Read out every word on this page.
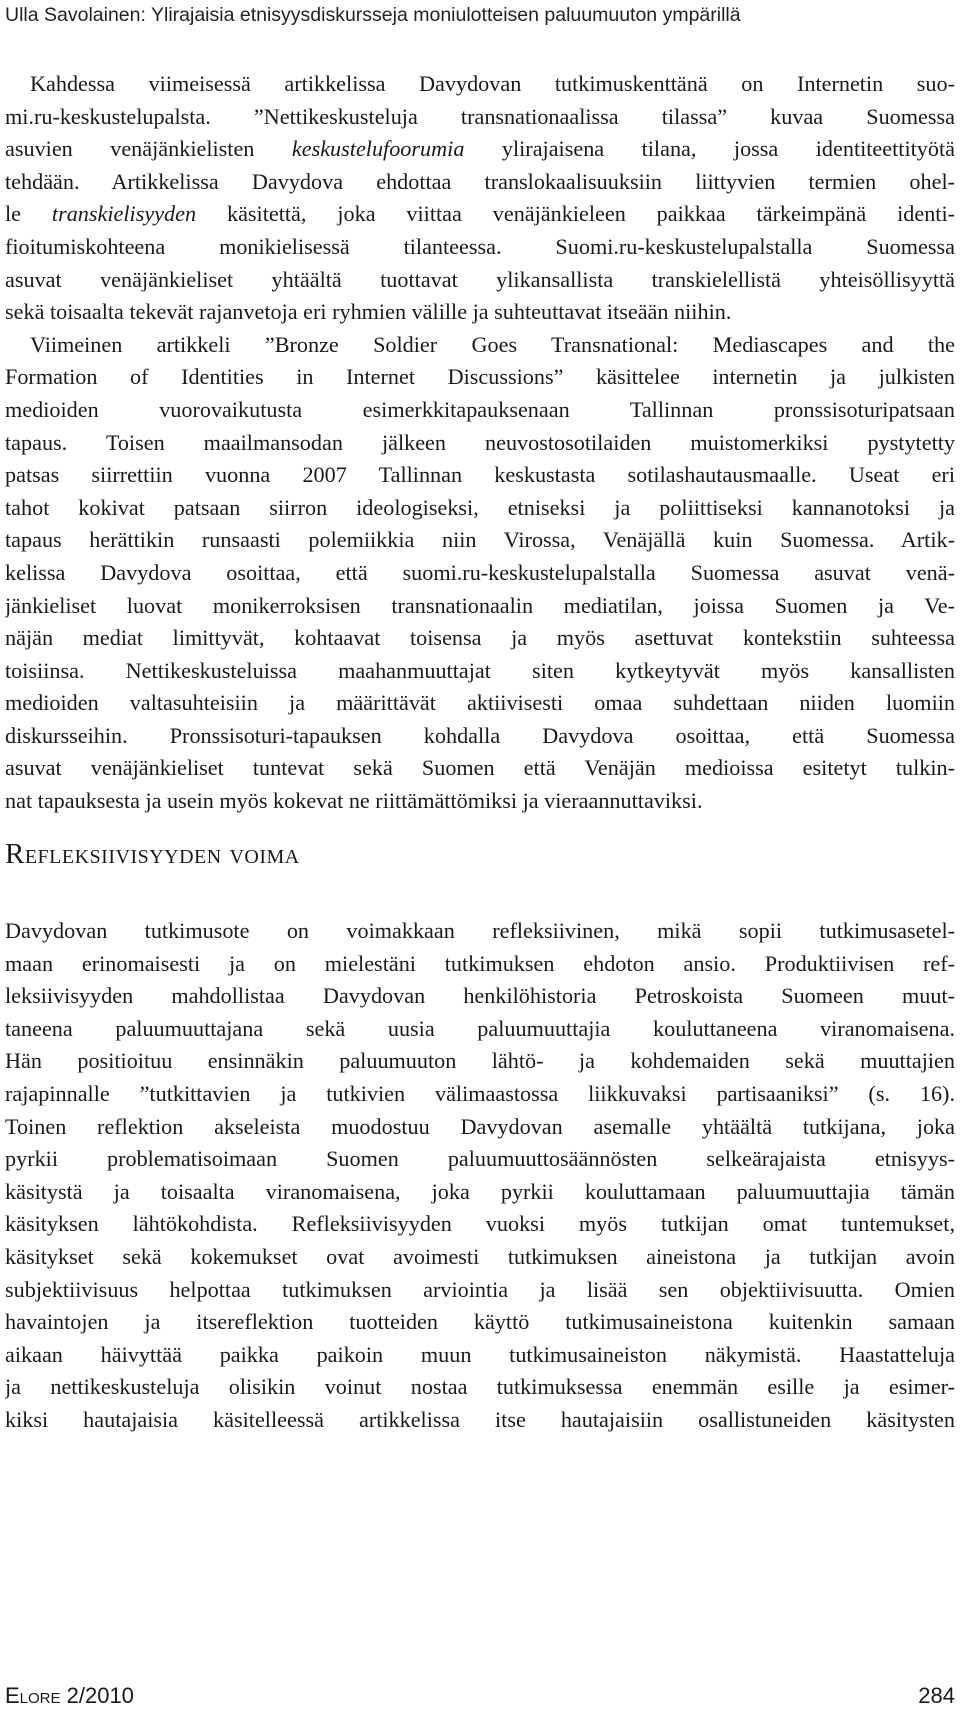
Ulla Savolainen: Ylirajaisia etnisyysdiskursseja moniulotteisen paluumuuton ympärillä
Kahdessa viimeisessä artikkelissa Davydovan tutkimuskenttänä on Internetin suo-
mi.ru-keskustelupalsta. ”Nettikeskusteluja transnationaalissa tilassa” kuvaa Suomessa
asuvien venäjänkielisten keskustelufoorumia ylirajaisena tilana, jossa identiteettityötä
tehdään. Artikkelissa Davydova ehdottaa translokaalisuuksiin liittyvien termien ohel-
le transkielisyyden käsitettä, joka viittaa venäjänkieleen paikkaa tärkeimpänä identi-
fioitumiskohteena monikielisessä tilanteessa. Suomi.ru-keskustelupalstalla Suomessa
asuvat venäjänkieliset yhtäältä tuottavat ylikansallista transkielellistä yhteisöllisyyttä
sekä toisaalta tekevät rajanvetoja eri ryhmien välille ja suhteuttavat itseään niihin.
Viimeinen artikkeli ”Bronze Soldier Goes Transnational: Mediascapes and the
Formation of Identities in Internet Discussions” käsittelee internetin ja julkisten
medioiden vuorovaikutusta esimerkkitapauksenaan Tallinnan pronssisoturipatsaan
tapaus. Toisen maailmansodan jälkeen neuvostosotilaiden muistomerkiksi pystytetty
patsas siirrettiin vuonna 2007 Tallinnan keskustasta sotilashautausmaalle. Useat eri
tahot kokivat patsaan siirron ideologiseksi, etniseksi ja poliittiseksi kannanotoksi ja
tapaus herättikin runsaasti polemiikkia niin Virossa, Venäjällä kuin Suomessa. Artik-
kelissa Davydova osoittaa, että suomi.ru-keskustelupalstalla Suomessa asuvat venä-
jänkieliset luovat monikerroksisen transnationaalin mediatilan, joissa Suomen ja Ve-
näjän mediat limittyvät, kohtaavat toisensa ja myös asettuvat kontekstiin suhteessa
toisiinsa. Nettikeskusteluissa maahanmuuttajat siten kytkeytyvät myös kansallisten
medioiden valtasuhteisiin ja määrittävät aktiivisesti omaa suhdettaan niiden luomiin
diskursseihin. Pronssisoturi-tapauksen kohdalla Davydova osoittaa, että Suomessa
asuvat venäjänkieliset tuntevat sekä Suomen että Venäjän medioissa esitetyt tulkin-
nat tapauksesta ja usein myös kokevat ne riittämättömiksi ja vieraannuttaviksi.
Refleksiivisyyden voima
Davydovan tutkimusote on voimakkaan refleksiivinen, mikä sopii tutkimusasetel-
maan erinomaisesti ja on mielestäni tutkimuksen ehdoton ansio. Produktiivisen ref-
leksiivisyyden mahdollistaa Davydovan henkilöhistoria Petroskoista Suomeen muut-
taneena paluumuuttajana sekä uusia paluumuuttajia kouluttaneena viranomaisena.
Hän positioituu ensinnäkin paluumuuton lähtö- ja kohdemaiden sekä muuttajien
rajapinnalle ”tutkittavien ja tutkivien välimaastossa liikkuvaksi partisaaniksi” (s. 16).
Toinen reflektion akseleista muodostuu Davydovan asemalle yhtäältä tutkijana, joka
pyrkii problematisoimaan Suomen paluumuuttosäännösten selkeärajaista etnisyys-
käsitystä ja toisaalta viranomaisena, joka pyrkii kouluttamaan paluumuuttajia tämän
käsityksen lähtökohdista. Refleksiivisyyden vuoksi myös tutkijan omat tuntemukset,
käsitykset sekä kokemukset ovat avoimesti tutkimuksen aineistona ja tutkijan avoin
subjektiivisuus helpottaa tutkimuksen arviointia ja lisää sen objektiivisuutta. Omien
havaintojen ja itsereflektion tuotteiden käyttö tutkimusaineistona kuitenkin samaan
aikaan häivyttää paikka paikoin muun tutkimusaineiston näkymistä. Haastatteluja
ja nettikeskusteluja olisikin voinut nostaa tutkimuksessa enemmän esille ja esimer-
kiksi hautajaisia käsitelleessä artikkelissa itse hautajaisiin osallistuneiden käsitysten
Elore 2/2010	284
